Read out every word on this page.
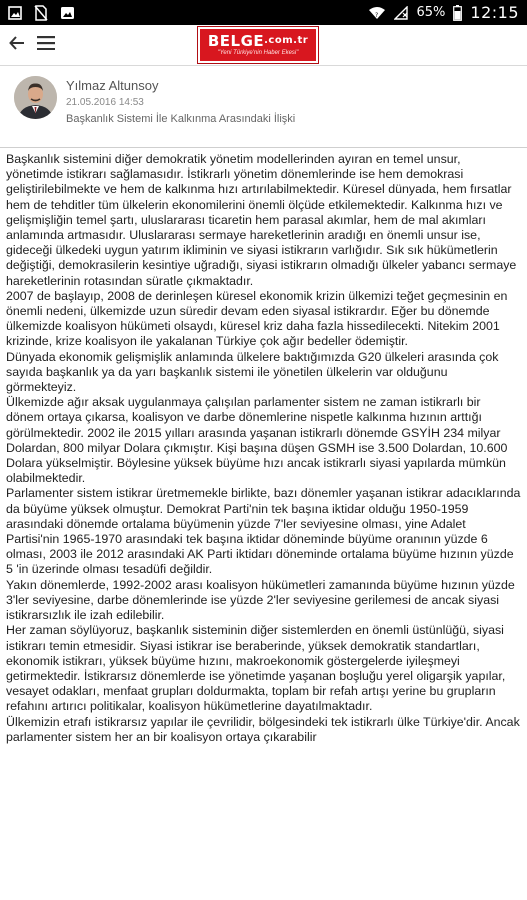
?	65% 12:15
$BELGE^{.com.tr}$
"Yeni Türkiye'nin Haber Ekesi"
Yılmaz Altunsoy
21.05.2016 14:53
Başkanlık Sistemi İle Kalkınma Arasındaki İlişki

Başkanlık sistemini diğer demokratik yönetim modellerinden ayıran en temel unsur, yönetimde istikrarı sağlamasıdır. İstikrarlı yönetim dönemlerinde ise hem demokrasi geliştirilebilmekte ve hem de kalkınma hızı artırılabilmektedir. Küresel dünyada, hem fırsatlar hem de tehditler tüm ülkelerin ekonomilerini önemli ölçüde etkilemektedir. Kalkınma hızı ve gelişmişliğin temel şartı, uluslararası ticaretin hem parasal akımlar, hem de mal akımları anlamında artmasıdır. Uluslararası sermaye hareketlerinin aradığı en önemli unsur ise, gideceği ülkedeki uygun yatırım ikliminin ve siyasi istikrarın varlığıdır. Sık sık hükümetlerin değiştiği, demokrasilerin kesintiye uğradığı, siyasi istikrarın olmadığı ülkeler yabancı sermaye hareketlerinin rotasından süratle çıkmaktadır.

2007 de başlayıp, 2008 de derinleşen küresel ekonomik krizin ülkemizi teğet geçmesinin en önemli nedeni, ülkemizde uzun süredir devam eden siyasal istikrardır. Eğer bu dönemde ülkemizde koalisyon hükümeti olsaydı, küresel kriz daha fazla hissedilecekti. Nitekim 2001 krizinde, krize koalisyon ile yakalanan Türkiye çok ağır bedeller ödemiştir.

Dünyada ekonomik gelişmişlik anlamında ülkelere baktığımızda G20 ülkeleri arasında çok sayıda başkanlık ya da yarı başkanlık sistemi ile yönetilen ülkelerin var olduğunu görmekteyiz.

Ülkemizde ağır aksak uygulanmaya çalışılan parlamenter sistem ne zaman istikrarlı bir dönem ortaya çıkarsa, koalisyon ve darbe dönemlerine nispetle kalkınma hızının arttığı görülmektedir. 2002 ile 2015 yılları arasında yaşanan istikrarlı dönemde GSYİH 234 milyar Dolardan, 800 milyar Dolara çıkmıştır. Kişi başına düşen GSMH ise 3.500 Dolardan, 10.600 Dolara yükselmiştir. Böylesine yüksek büyüme hızı ancak istikrarlı siyasi yapılarda mümkün olabilmektedir.

Parlamenter sistem istikrar üretmemekle birlikte, bazı dönemler yaşanan istikrar adacıklarında da büyüme yüksek olmuştur. Demokrat Parti'nin tek başına iktidar olduğu 1950-1959 arasındaki dönemde ortalama büyümenin yüzde 7'ler seviyesine olması, yine Adalet Partisi'nin 1965-1970 arasındaki tek başına iktidar döneminde büyüme oranının yüzde 6 olması, 2003 ile 2012 arasındaki AK Parti iktidarı döneminde ortalama büyüme hızının yüzde 5 'in üzerinde olması tesadüfi değildir.

Yakın dönemlerde, 1992-2002 arası koalisyon hükümetleri zamanında büyüme hızının yüzde 3'ler seviyesine, darbe dönemlerinde ise yüzde 2'ler seviyesine gerilemesi de ancak siyasi istikrarsızlık ile izah edilebilir.

Her zaman söylüyoruz, başkanlık sisteminin diğer sistemlerden en önemli üstünlüğü, siyasi istikrarı temin etmesidir. Siyasi istikrar ise beraberinde, yüksek demokratik standartları, ekonomik istikrarı, yüksek büyüme hızını, makroekonomik göstergelerde iyileşmeyi getirmektedir. İstikrarsız dönemlerde ise yönetimde yaşanan boşluğu yerel oligarşik yapılar, vesayet odakları, menfaat grupları doldurmakta, toplam bir refah artışı yerine bu grupların refahını artırıcı politikalar, koalisyon hükümetlerine dayatılmaktadır.

Ülkemizin etrafı istikrarsız yapılar ile çevrilidir, bölgesindeki tek istikrarlı ülke Türkiye'dir. Ancak parlamenter sistem her an bir koalisyon ortaya çıkarabilir
